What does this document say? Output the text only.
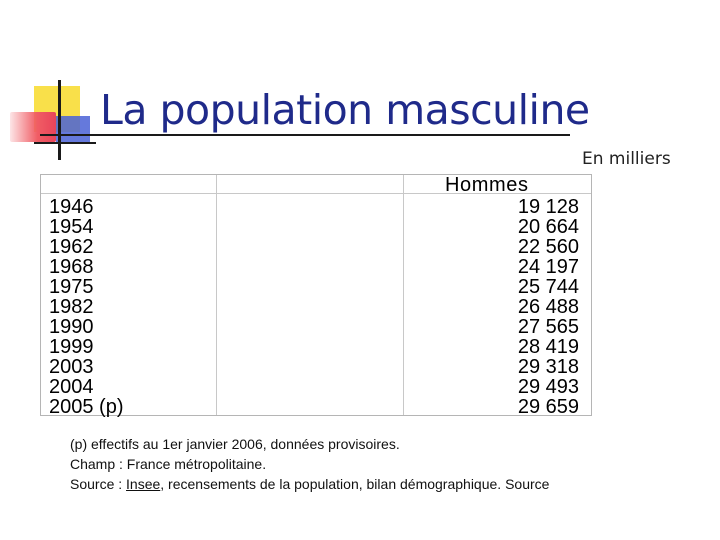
La population masculine
En milliers
Hommes
1946
1954
1962
1968
1975
1982
1990
1999
2003
2004
2005 (p)
19 128
20 664
22 560
24 197
25 744
26 488
27 565
28 419
29 318
29 493
29 659
(p) effectifs au 1er janvier 2006, données provisoires.
Champ : France métropolitaine.
Source : Insee, recensements de la population, bilan démographique. Source
